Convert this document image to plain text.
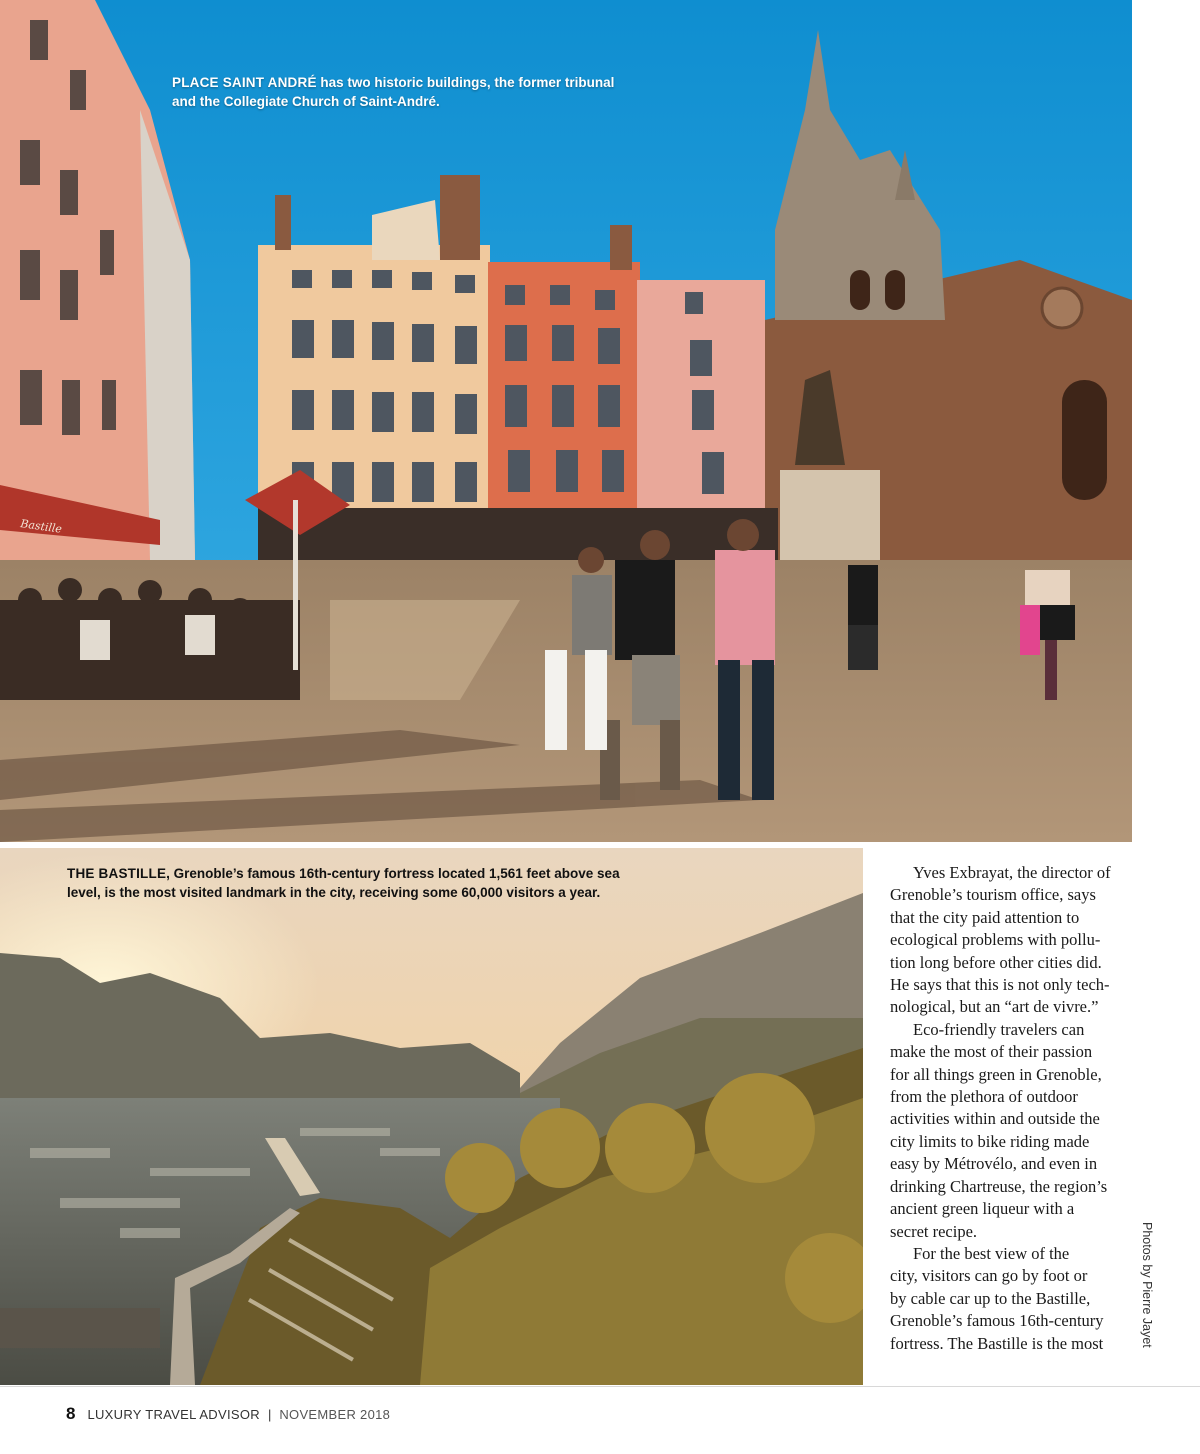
Bastille
PLACE SAINT ANDRÉ has two historic buildings, the former tribunal
and the Collegiate Church of Saint-André.
THE BASTILLE, Grenoble’s famous 16th-century fortress located 1,561 feet above sea
level, is the most visited landmark in the city, receiving some 60,000 visitors a year.

Yves Exbrayat, the director of
Grenoble’s tourism office, says
that the city paid attention to
ecological problems with pollu-
tion long before other cities did.
He says that this is not only tech-
nological, but an “art de vivre.”

Eco-friendly travelers can
make the most of their passion
for all things green in Grenoble,
from the plethora of outdoor
activities within and outside the
city limits to bike riding made
easy by Métrovélo, and even in
drinking Chartreuse, the region’s
ancient green liqueur with a
secret recipe.

For the best view of the
city, visitors can go by foot or
by cable car up to the Bastille,
Grenoble’s famous 16th-century
fortress. The Bastille is the most	Photos by Pierre Jayet
8 LUXURY TRAVEL ADVISOR | NOVEMBER 2018
